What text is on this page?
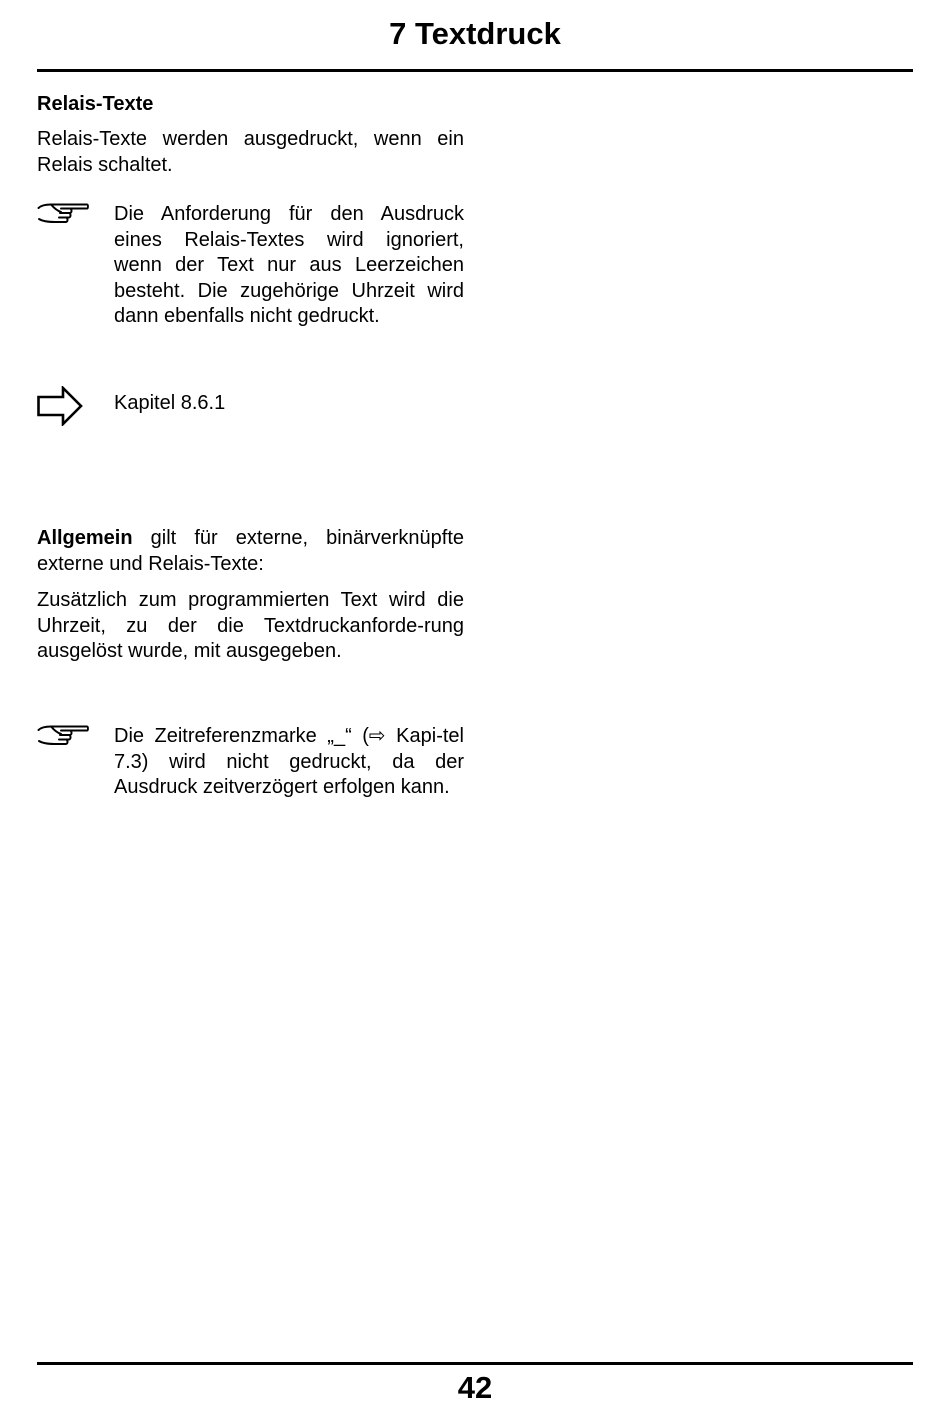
7 Textdruck
Relais-Texte

Relais-Texte werden ausgedruckt, wenn ein Relais schaltet.

Die Anforderung für den Ausdruck eines Relais-Textes wird ignoriert, wenn der Text nur aus Leerzeichen besteht. Die zugehörige Uhrzeit wird dann ebenfalls nicht gedruckt.

Kapitel 8.6.1

Allgemein gilt für externe, binärverknüpfte externe und Relais-Texte:

Zusätzlich zum programmierten Text wird die Uhrzeit, zu der die Textdruckanforde-rung ausgelöst wurde, mit ausgegeben.

Die Zeitreferenzmarke „_“ (⇨ Kapi-tel 7.3) wird nicht gedruckt, da der Ausdruck zeitverzögert erfolgen kann.

42
